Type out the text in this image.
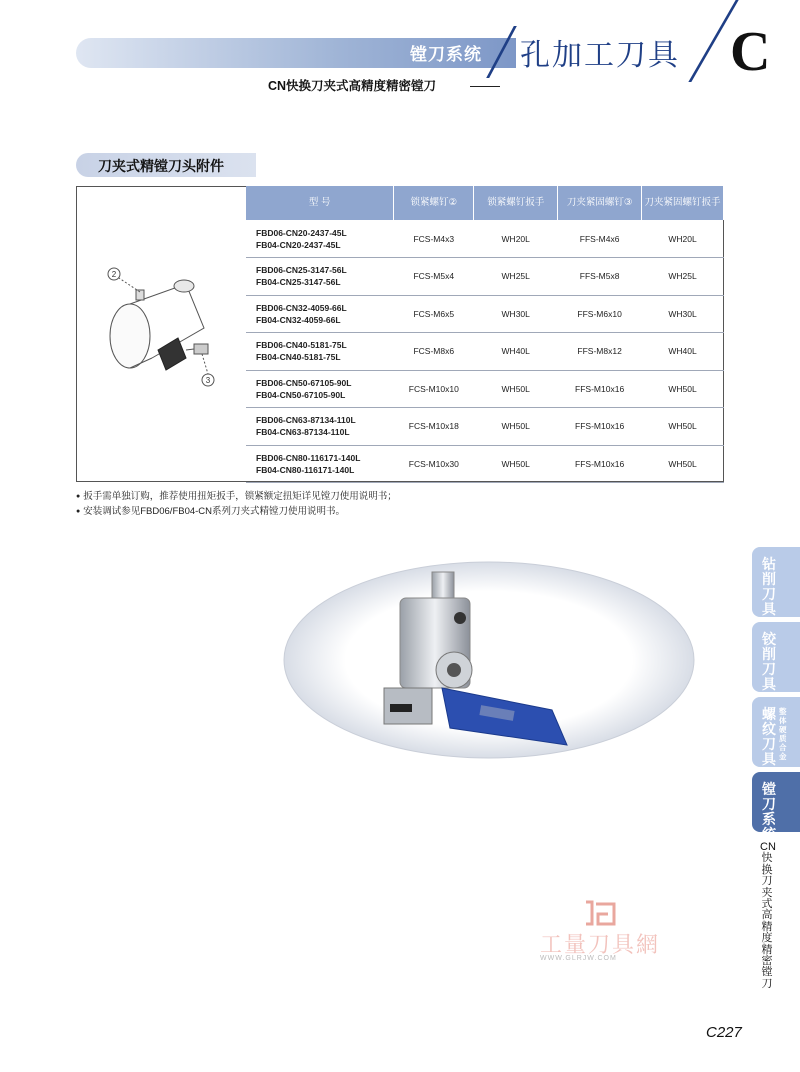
镗刀系统 孔加工刀具 C
CN快换刀夹式高精度精密镗刀
刀夹式精镗刀头附件
2
3
型 号	锁紧螺钉②	锁紧螺钉扳手	刀夹紧固螺钉③	刀夹紧固螺钉扳手

FBD06-CN20-2437-45L
FB04-CN20-2437-45L	FCS-M4x3	WH20L	FFS-M4x6	WH20L

FBD06-CN25-3147-56L
FB04-CN25-3147-56L	FCS-M5x4	WH25L	FFS-M5x8	WH25L

FBD06-CN32-4059-66L
FB04-CN32-4059-66L	FCS-M6x5	WH30L	FFS-M6x10	WH30L

FBD06-CN40-5181-75L
FB04-CN40-5181-75L	FCS-M8x6	WH40L	FFS-M8x12	WH40L

FBD06-CN50-67105-90L
FB04-CN50-67105-90L	FCS-M10x10	WH50L	FFS-M10x16	WH50L

FBD06-CN63-87134-110L
FB04-CN63-87134-110L	FCS-M10x18	WH50L	FFS-M10x16	WH50L

FBD06-CN80-116171-140L
FB04-CN80-116171-140L	FCS-M10x30	WH50L	FFS-M10x16	WH50L
● 扳手需单独订购，推荐使用扭矩扳手，锁紧额定扭矩详见镗刀使用说明书；
● 安装调试参见FBD06/FB04-CN系列刀夹式精镗刀使用说明书。
钻削刀具
铰削刀具
螺纹刀具整体硬质合金
镗刀系统
CN快换刀夹式高精度精密镗刀
工量刀具網
WWW.GLRJW.COM
C227
